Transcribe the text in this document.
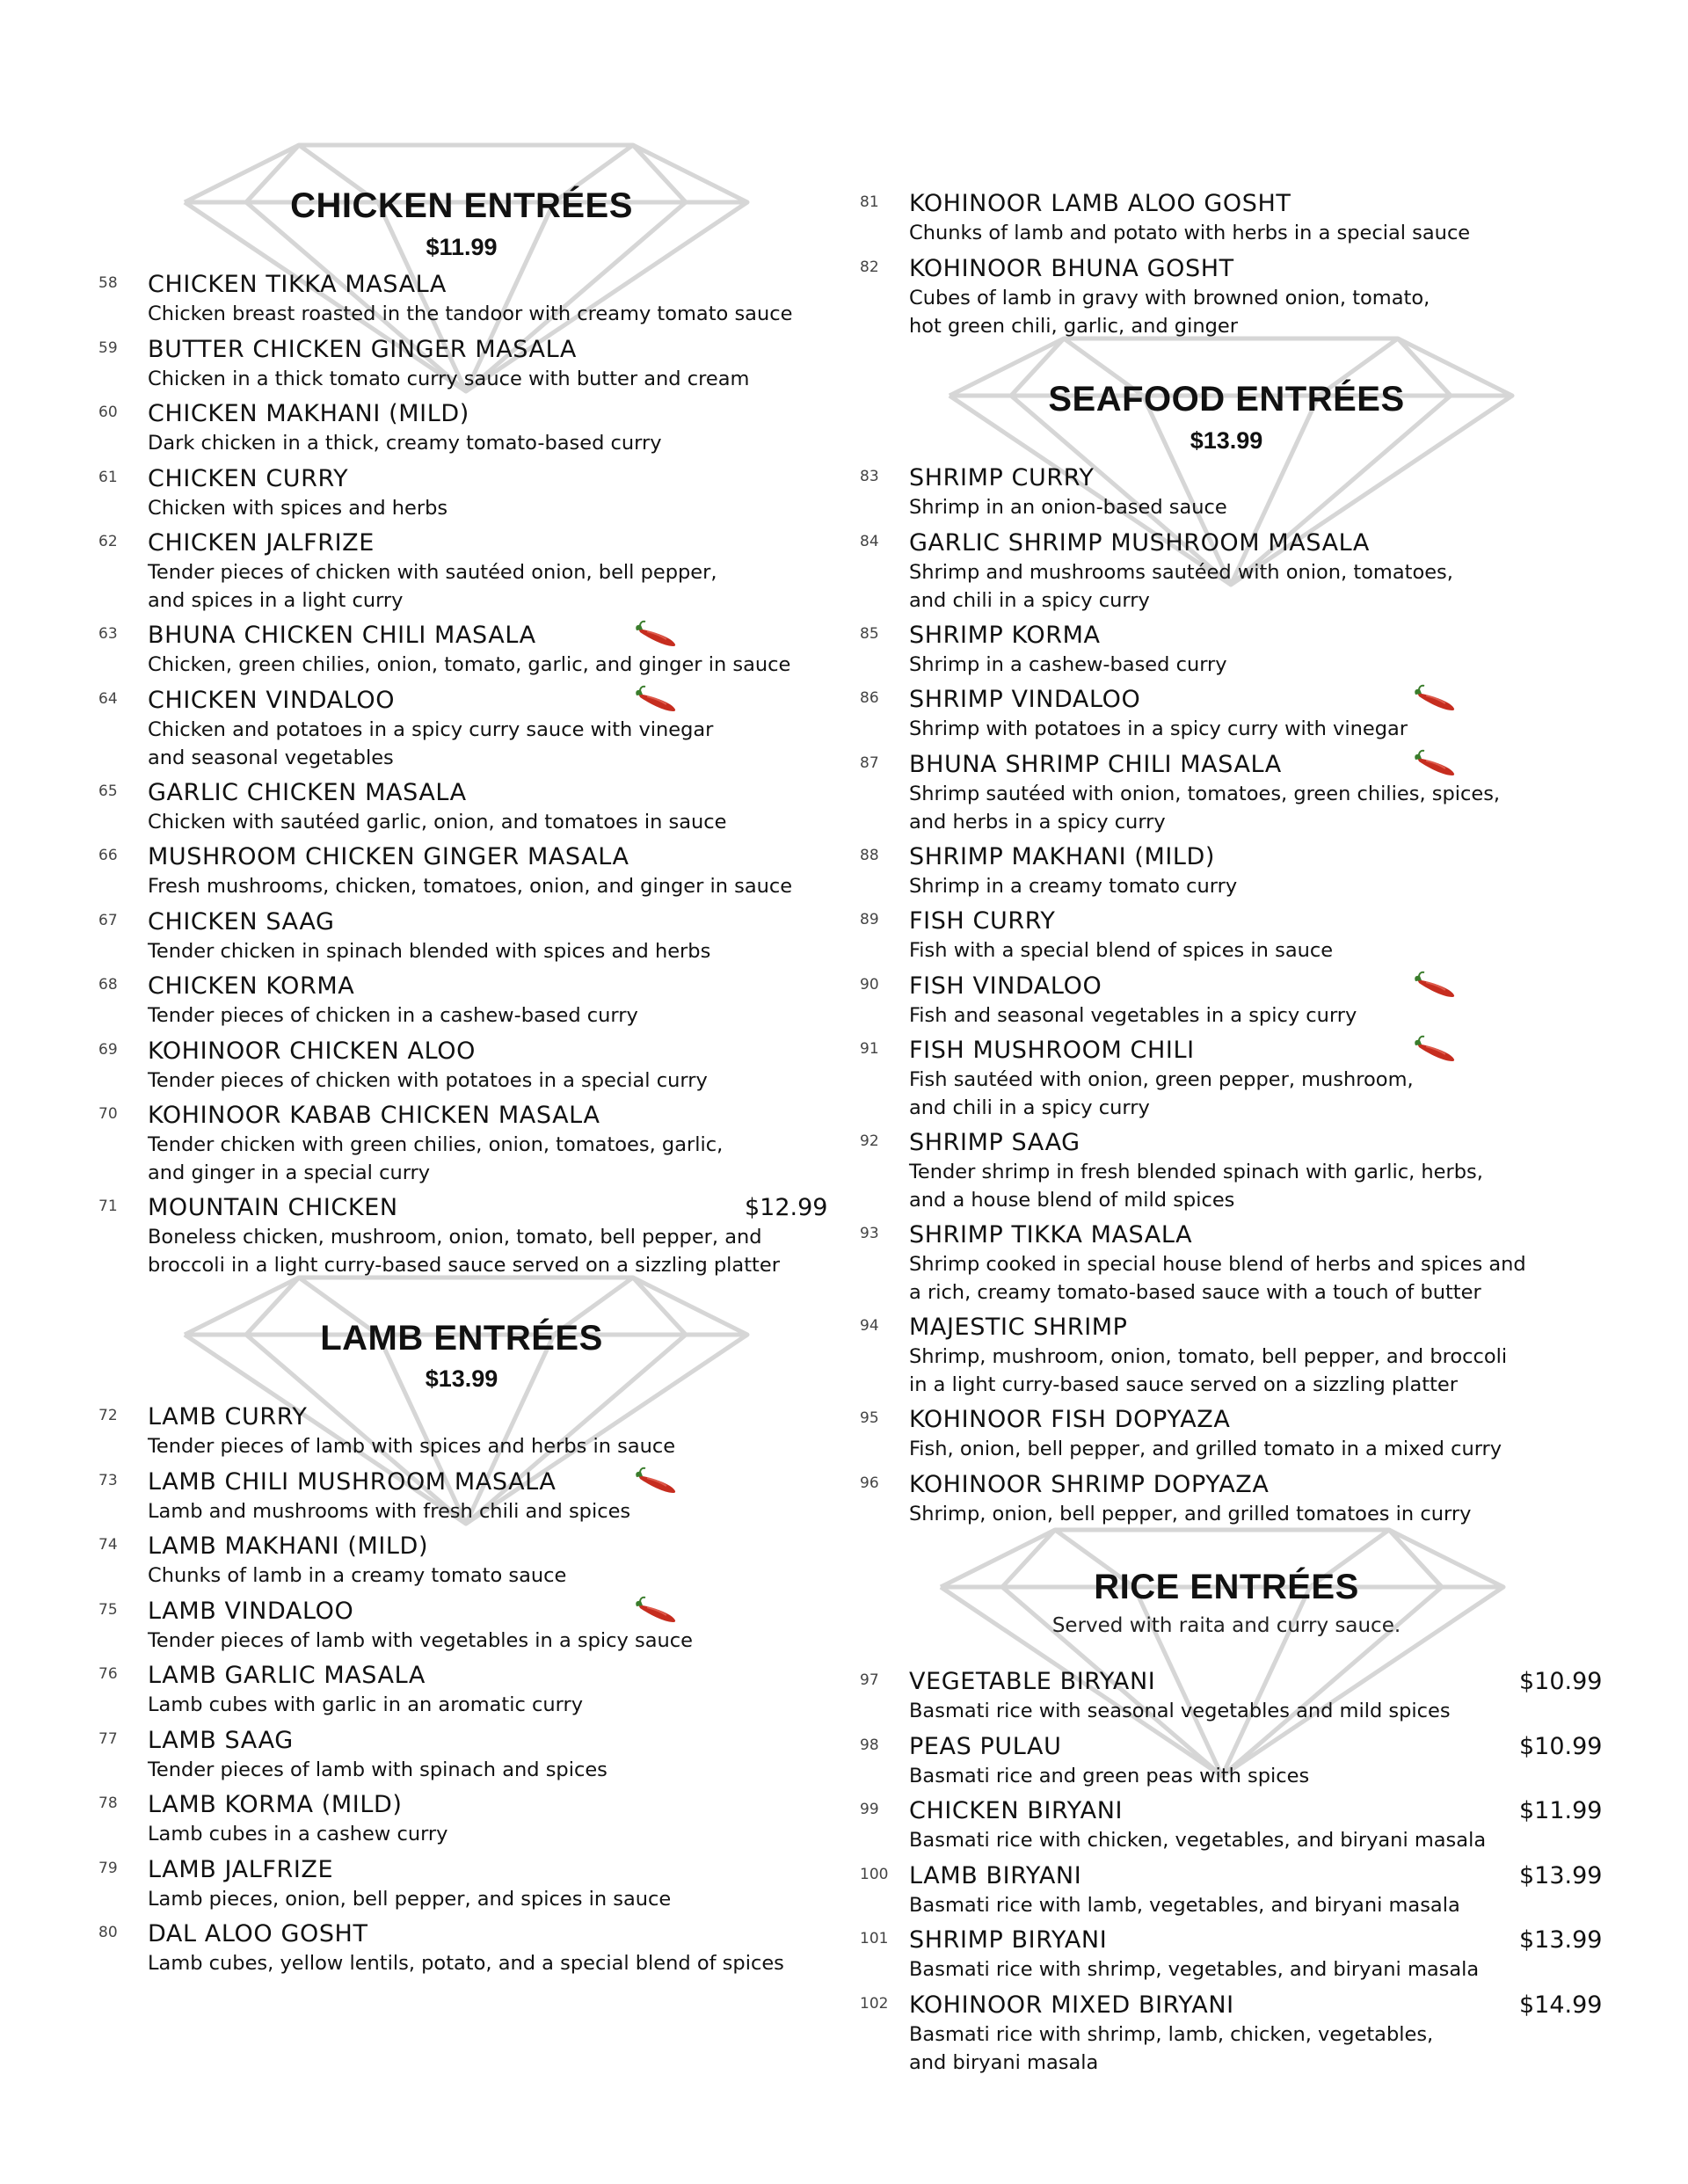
CHICKEN ENTRÉES
$11.99
58	CHICKEN TIKKA MASALA
Chicken breast roasted in the tandoor with creamy tomato sauce
59	BUTTER CHICKEN GINGER MASALA
Chicken in a thick tomato curry sauce with butter and cream
60	CHICKEN MAKHANI (MILD)
Dark chicken in a thick, creamy tomato-based curry
61	CHICKEN CURRY
Chicken with spices and herbs
62	CHICKEN JALFRIZE
Tender pieces of chicken with sautéed onion, bell pepper,
and spices in a light curry
63	BHUNA CHICKEN CHILI MASALA
Chicken, green chilies, onion, tomato, garlic, and ginger in sauce
64	CHICKEN VINDALOO
Chicken and potatoes in a spicy curry sauce with vinegar
and seasonal vegetables
65	GARLIC CHICKEN MASALA
Chicken with sautéed garlic, onion, and tomatoes in sauce
66	MUSHROOM CHICKEN GINGER MASALA
Fresh mushrooms, chicken, tomatoes, onion, and ginger in sauce
67	CHICKEN SAAG
Tender chicken in spinach blended with spices and herbs
68	CHICKEN KORMA
Tender pieces of chicken in a cashew-based curry
69	KOHINOOR CHICKEN ALOO
Tender pieces of chicken with potatoes in a special curry
70	KOHINOOR KABAB CHICKEN MASALA
Tender chicken with green chilies, onion, tomatoes, garlic,
and ginger in a special curry
71	MOUNTAIN CHICKEN	$12.99
Boneless chicken, mushroom, onion, tomato, bell pepper, and
broccoli in a light curry-based sauce served on a sizzling platter
LAMB ENTRÉES
$13.99
72	LAMB CURRY
Tender pieces of lamb with spices and herbs in sauce
73	LAMB CHILI MUSHROOM MASALA
Lamb and mushrooms with fresh chili and spices
74	LAMB MAKHANI (MILD)
Chunks of lamb in a creamy tomato sauce
75	LAMB VINDALOO
Tender pieces of lamb with vegetables in a spicy sauce
76	LAMB GARLIC MASALA
Lamb cubes with garlic in an aromatic curry
77	LAMB SAAG
Tender pieces of lamb with spinach and spices
78	LAMB KORMA (MILD)
Lamb cubes in a cashew curry
79	LAMB JALFRIZE
Lamb pieces, onion, bell pepper, and spices in sauce
80	DAL ALOO GOSHT
Lamb cubes, yellow lentils, potato, and a special blend of spices
81	KOHINOOR LAMB ALOO GOSHT
Chunks of lamb and potato with herbs in a special sauce
82	KOHINOOR BHUNA GOSHT
Cubes of lamb in gravy with browned onion, tomato,
hot green chili, garlic, and ginger
SEAFOOD ENTRÉES
$13.99
83	SHRIMP CURRY
Shrimp in an onion-based sauce
84	GARLIC SHRIMP MUSHROOM MASALA
Shrimp and mushrooms sautéed with onion, tomatoes,
and chili in a spicy curry
85	SHRIMP KORMA
Shrimp in a cashew-based curry
86	SHRIMP VINDALOO
Shrimp with potatoes in a spicy curry with vinegar
87	BHUNA SHRIMP CHILI MASALA
Shrimp sautéed with onion, tomatoes, green chilies, spices,
and herbs in a spicy curry
88	SHRIMP MAKHANI (MILD)
Shrimp in a creamy tomato curry
89	FISH CURRY
Fish with a special blend of spices in sauce
90	FISH VINDALOO
Fish and seasonal vegetables in a spicy curry
91	FISH MUSHROOM CHILI
Fish sautéed with onion, green pepper, mushroom,
and chili in a spicy curry
92	SHRIMP SAAG
Tender shrimp in fresh blended spinach with garlic, herbs,
and a house blend of mild spices
93	SHRIMP TIKKA MASALA
Shrimp cooked in special house blend of herbs and spices and
a rich, creamy tomato-based sauce with a touch of butter
94	MAJESTIC SHRIMP
Shrimp, mushroom, onion, tomato, bell pepper, and broccoli
in a light curry-based sauce served on a sizzling platter
95	KOHINOOR FISH DOPYAZA
Fish, onion, bell pepper, and grilled tomato in a mixed curry
96	KOHINOOR SHRIMP DOPYAZA
Shrimp, onion, bell pepper, and grilled tomatoes in curry
RICE ENTRÉES
Served with raita and curry sauce.
97	VEGETABLE BIRYANI	$10.99
Basmati rice with seasonal vegetables and mild spices
98	PEAS PULAU	$10.99
Basmati rice and green peas with spices
99	CHICKEN BIRYANI	$11.99
Basmati rice with chicken, vegetables, and biryani masala
100 LAMB BIRYANI	$13.99
Basmati rice with lamb, vegetables, and biryani masala
101 SHRIMP BIRYANI	$13.99
Basmati rice with shrimp, vegetables, and biryani masala
102 KOHINOOR MIXED BIRYANI	$14.99
Basmati rice with shrimp, lamb, chicken, vegetables,
and biryani masala
